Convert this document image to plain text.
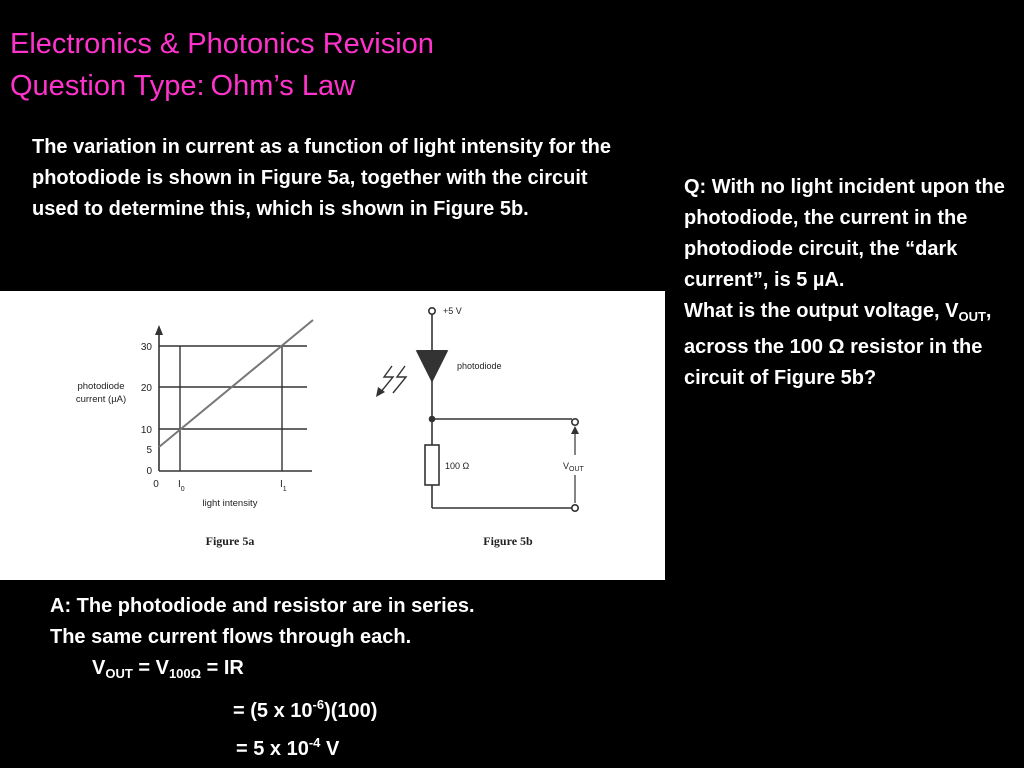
Electronics & Photonics Revision
Question Type: Ohm’s Law
The variation in current as a function of light intensity for the photodiode is shown in Figure 5a, together with the circuit used to determine this, which is shown in Figure 5b.
Q: With no light incident upon the photodiode, the current in the photodiode circuit, the “dark current”, is 5 µA.
What is the output voltage, $V_{OUT}$, across the 100 Ω resistor in the circuit of Figure 5b?
30
20
10
5
0
photodiode
current (µA)
0 $I_0$	$I_1$
light intensity
Figure 5a
+5 V
photodiode
100 Ω	$V_{OUT}$
Figure 5b
A: The photodiode and resistor are in series.
The same current flows through each.
$V_{OUT} = V_{100\Omega}$ = IR
= (5 x $10^{-6})(100)$
= 5 x $10^{-4}$ V
